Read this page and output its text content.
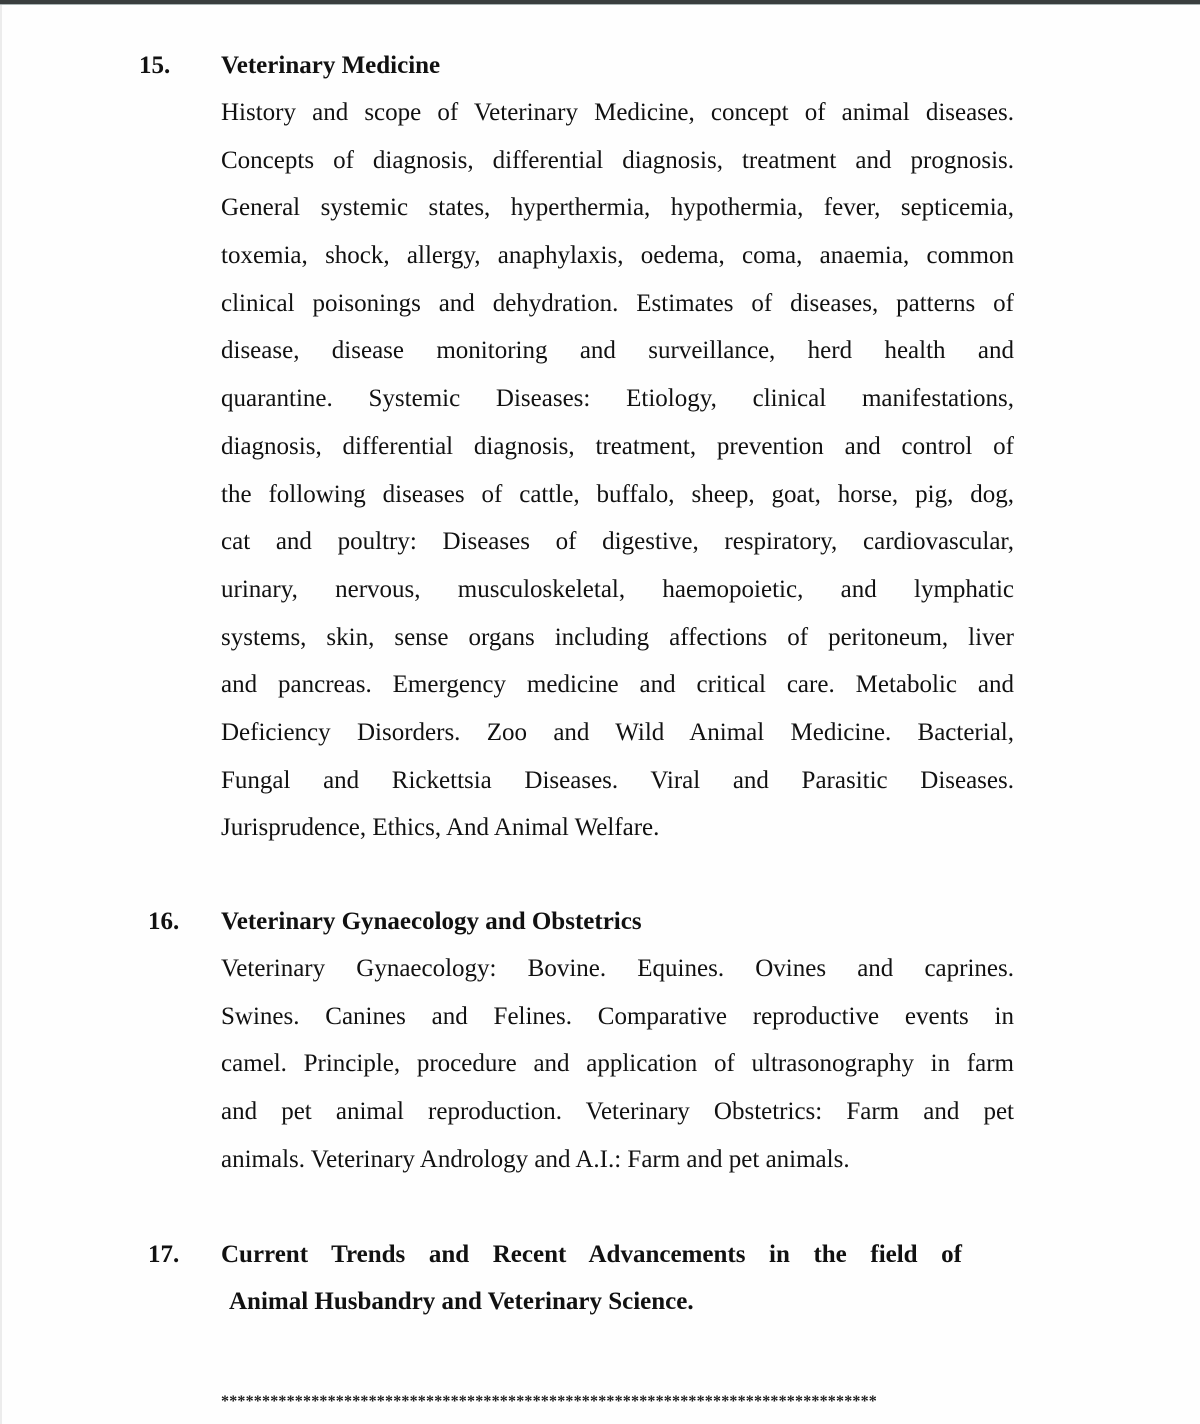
15. Veterinary Medicine
History and scope of Veterinary Medicine, concept of animal diseases.
Concepts of diagnosis, differential diagnosis, treatment and prognosis.
General systemic states, hyperthermia, hypothermia, fever, septicemia,
toxemia, shock, allergy, anaphylaxis, oedema, coma, anaemia, common
clinical poisonings and dehydration. Estimates of diseases, patterns of
disease, disease monitoring and surveillance, herd health and
quarantine. Systemic Diseases: Etiology, clinical manifestations,
diagnosis, differential diagnosis, treatment, prevention and control of
the following diseases of cattle, buffalo, sheep, goat, horse, pig, dog,
cat and poultry: Diseases of digestive, respiratory, cardiovascular,
urinary, nervous, musculoskeletal, haemopoietic, and lymphatic
systems, skin, sense organs including affections of peritoneum, liver
and pancreas. Emergency medicine and critical care. Metabolic and
Deficiency Disorders. Zoo and Wild Animal Medicine. Bacterial,
Fungal and Rickettsia Diseases. Viral and Parasitic Diseases.
Jurisprudence, Ethics, And Animal Welfare.
16. Veterinary Gynaecology and Obstetrics
Veterinary Gynaecology: Bovine. Equines. Ovines and caprines.
Swines. Canines and Felines. Comparative reproductive events in
camel. Principle, procedure and application of ultrasonography in farm
and pet animal reproduction. Veterinary Obstetrics: Farm and pet
animals. Veterinary Andrology and A.I.: Farm and pet animals.
17. Current Trends and Recent Advancements in the field of
Animal Husbandry and Veterinary Science.
********************************************************************************
